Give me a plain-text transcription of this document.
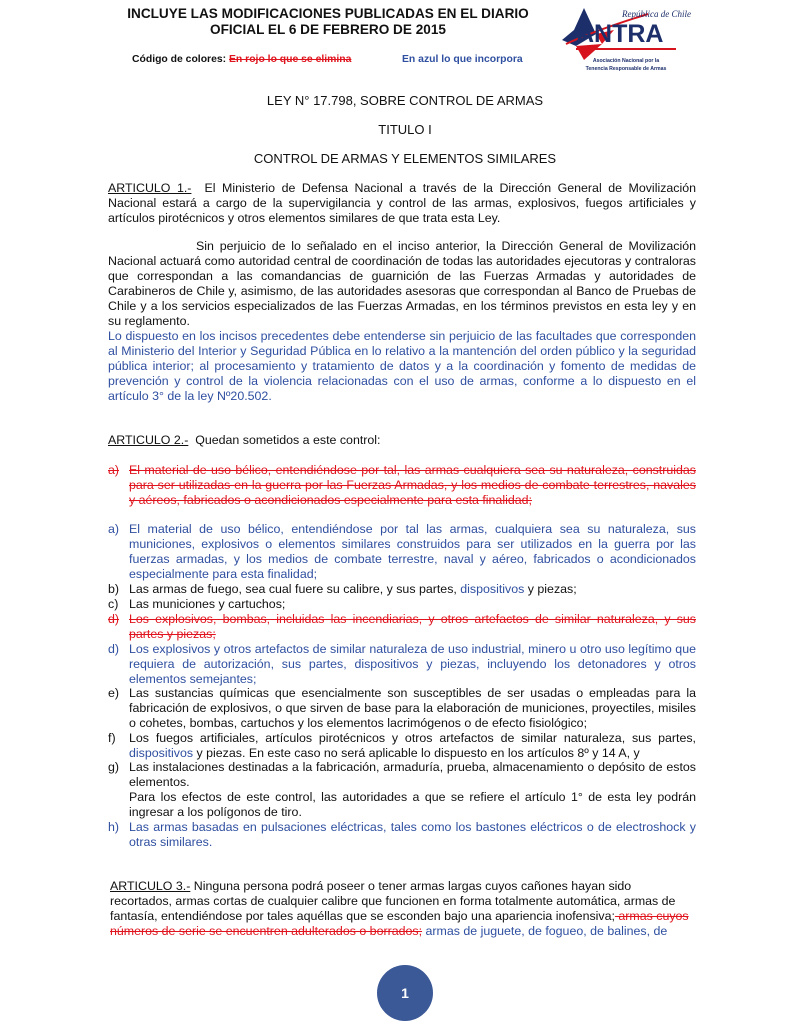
INCLUYE LAS MODIFICACIONES PUBLICADAS EN EL DIARIO
OFICIAL EL 6 DE FEBRERO DE 2015
Código de colores: En rojo lo que se elimina	En azul lo que incorpora
República de Chile
ANTRA
Asociación Nacional por la
Tenencia Responsable de Armas
LEY N° 17.798, SOBRE CONTROL DE ARMAS
TITULO I
CONTROL DE ARMAS Y ELEMENTOS SIMILARES
ARTICULO 1.- El Ministerio de Defensa Nacional a través de la Dirección General de Movilización Nacional estará a cargo de la supervigilancia y control de las armas, explosivos, fuegos artificiales y artículos pirotécnicos y otros elementos similares de que trata esta Ley.
Sin perjuicio de lo señalado en el inciso anterior, la Dirección General de Movilización Nacional actuará como autoridad central de coordinación de todas las autoridades ejecutoras y contraloras que correspondan a las comandancias de guarnición de las Fuerzas Armadas y autoridades de Carabineros de Chile y, asimismo, de las autoridades asesoras que correspondan al Banco de Pruebas de Chile y a los servicios especializados de las Fuerzas Armadas, en los términos previstos en esta ley y en su reglamento.
Lo dispuesto en los incisos precedentes debe entenderse sin perjuicio de las facultades que corresponden al Ministerio del Interior y Seguridad Pública en lo relativo a la mantención del orden público y la seguridad pública interior; al procesamiento y tratamiento de datos y a la coordinación y fomento de medidas de prevención y control de la violencia relacionadas con el uso de armas, conforme a lo dispuesto en el artículo 3° de la ley Nº20.502.
ARTICULO 2.- Quedan sometidos a este control:
a) El material de uso bélico, entendiéndose por tal, las armas cualquiera sea su naturaleza, construidas para ser utilizadas en la guerra por las Fuerzas Armadas, y los medios de combate terrestres, navales y aéreos, fabricados o acondicionados especialmente para esta finalidad;
a) El material de uso bélico, entendiéndose por tal las armas, cualquiera sea su naturaleza, sus municiones, explosivos o elementos similares construidos para ser utilizados en la guerra por las fuerzas armadas, y los medios de combate terrestre, naval y aéreo, fabricados o acondicionados especialmente para esta finalidad;
b) Las armas de fuego, sea cual fuere su calibre, y sus partes, dispositivos y piezas;
c) Las municiones y cartuchos;
d) Los explosivos, bombas, incluidas las incendiarias, y otros artefactos de similar naturaleza, y sus partes y piezas;
d) Los explosivos y otros artefactos de similar naturaleza de uso industrial, minero u otro uso legítimo que requiera de autorización, sus partes, dispositivos y piezas, incluyendo los detonadores y otros elementos semejantes;
e) Las sustancias químicas que esencialmente son susceptibles de ser usadas o empleadas para la fabricación de explosivos, o que sirven de base para la elaboración de municiones, proyectiles, misiles o cohetes, bombas, cartuchos y los elementos lacrimógenos o de efecto fisiológico;
f)	Los fuegos artificiales, artículos pirotécnicos y otros artefactos de similar naturaleza, sus partes, dispositivos y piezas. En este caso no será aplicable lo dispuesto en los artículos 8º y 14 A, y
g) Las instalaciones destinadas a la fabricación, armaduría, prueba, almacenamiento o depósito de estos elementos.
Para los efectos de este control, las autoridades a que se refiere el artículo 1° de esta ley podrán ingresar a los polígonos de tiro.
h) Las armas basadas en pulsaciones eléctricas, tales como los bastones eléctricos o de electroshock y otras similares.
ARTICULO 3.- Ninguna persona podrá poseer o tener armas largas cuyos cañones hayan sido recortados, armas cortas de cualquier calibre que funcionen en forma totalmente automática, armas de fantasía, entendiéndose por tales aquéllas que se esconden bajo una apariencia inofensiva; armas cuyos números de serie se encuentren adulterados o borrados; armas de juguete, de fogueo, de balines, de
1
